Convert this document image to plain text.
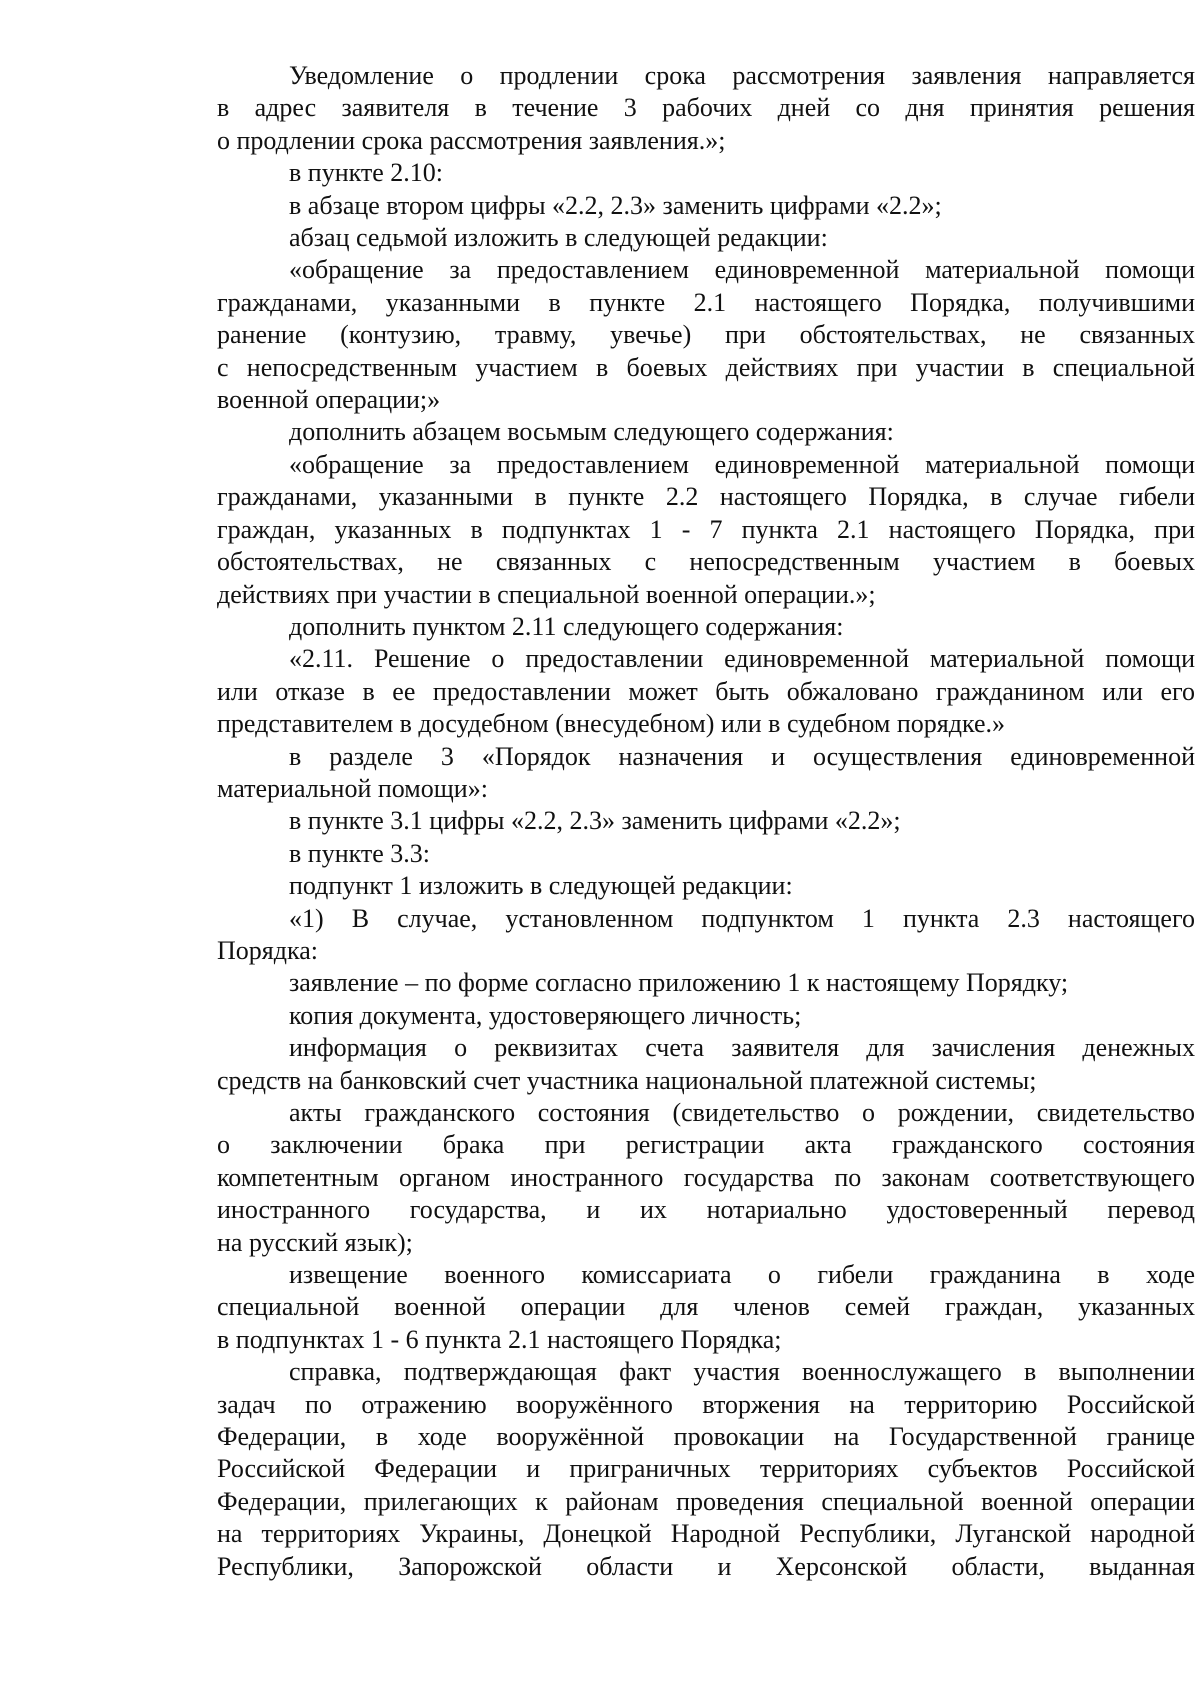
Уведомление о продлении срока рассмотрения заявления направляется
в адрес заявителя в течение 3 рабочих дней со дня принятия решения
о продлении срока рассмотрения заявления.»;
в пункте 2.10:
в абзаце втором цифры «2.2, 2.3» заменить цифрами «2.2»;
абзац седьмой изложить в следующей редакции:
«обращение за предоставлением единовременной материальной помощи
гражданами, указанными в пункте 2.1 настоящего Порядка, получившими
ранение (контузию, травму, увечье) при обстоятельствах, не связанных
с непосредственным участием в боевых действиях при участии в специальной
военной операции;»
дополнить абзацем восьмым следующего содержания:
«обращение за предоставлением единовременной материальной помощи
гражданами, указанными в пункте 2.2 настоящего Порядка, в случае гибели
граждан, указанных в подпунктах 1 - 7 пункта 2.1 настоящего Порядка, при
обстоятельствах, не связанных с непосредственным участием в боевых
действиях при участии в специальной военной операции.»;
дополнить пунктом 2.11 следующего содержания:
«2.11. Решение о предоставлении единовременной материальной помощи
или отказе в ее предоставлении может быть обжаловано гражданином или его
представителем в досудебном (внесудебном) или в судебном порядке.»
в разделе 3 «Порядок назначения и осуществления единовременной
материальной помощи»:
в пункте 3.1 цифры «2.2, 2.3» заменить цифрами «2.2»;
в пункте 3.3:
подпункт 1 изложить в следующей редакции:
«1) В случае, установленном подпунктом 1 пункта 2.3 настоящего
Порядка:
заявление – по форме согласно приложению 1 к настоящему Порядку;
копия документа, удостоверяющего личность;
информация о реквизитах счета заявителя для зачисления денежных
средств на банковский счет участника национальной платежной системы;
акты гражданского состояния (свидетельство о рождении, свидетельство
о заключении брака при регистрации акта гражданского состояния
компетентным органом иностранного государства по законам соответствующего
иностранного государства, и их нотариально удостоверенный перевод
на русский язык);
извещение военного комиссариата о гибели гражданина в ходе
специальной военной операции для членов семей граждан, указанных
в подпунктах 1 - 6 пункта 2.1 настоящего Порядка;
справка, подтверждающая факт участия военнослужащего в выполнении
задач по отражению вооружённого вторжения на территорию Российской
Федерации, в ходе вооружённой провокации на Государственной границе
Российской Федерации и приграничных территориях субъектов Российской
Федерации, прилегающих к районам проведения специальной военной операции
на территориях Украины, Донецкой Народной Республики, Луганской народной
Республики, Запорожской области и Херсонской области, выданная
